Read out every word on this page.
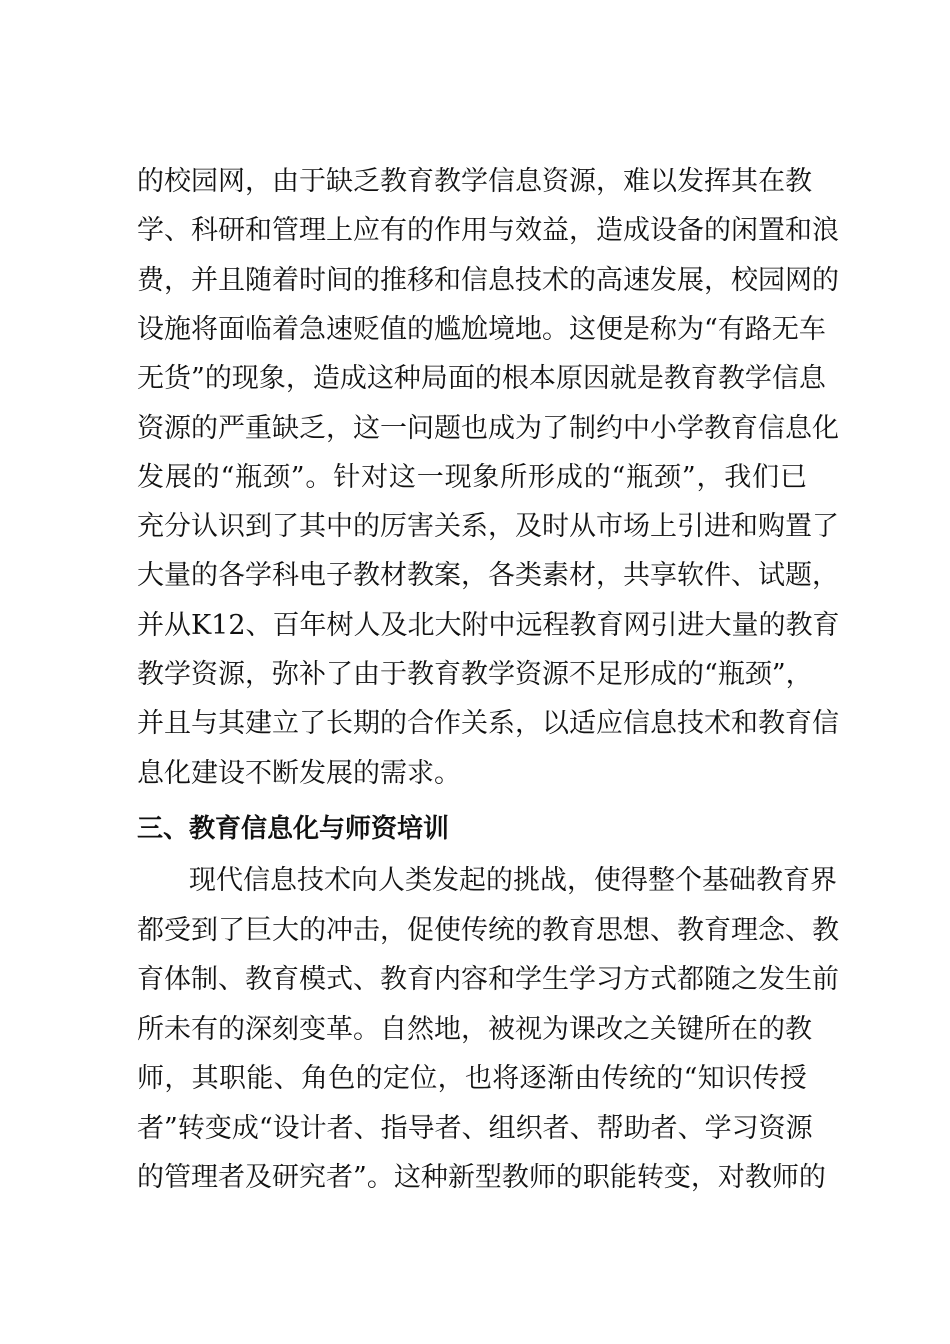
的 校 园 网 ， 由 于 缺 乏 教 育 教 学 信 息 资 源 ， 难 以 发 挥 其 在 教
学 、 科 研 和 管 理 上 应 有 的 作 用 与 效 益 ， 造 成 设 备 的 闲 置 和 浪
费 ， 并 且 随 着 时 间 的 推 移 和 信 息 技 术 的 高 速 发 展 ， 校 园 网 的
设 施 将 面 临 着 急 速 贬 值 的 尴 尬 境 地 。 这 便 是 称 为 “ 有 路 无 车
无 货 ” 的 现 象 ， 造 成 这 种 局 面 的 根 本 原 因 就 是 教 育 教 学 信 息
资 源 的 严 重 缺 乏 ， 这 一 问 题 也 成 为 了 制 约 中 小 学 教 育 信 息 化
发 展 的 “ 瓶 颈 ” 。 针 对 这 一 现 象 所 形 成 的 “ 瓶 颈 ” ， 我 们 已
充 分 认 识 到 了 其 中 的 厉 害 关 系 ， 及 时 从 市 场 上 引 进 和 购 置 了
大 量 的 各 学 科 电 子 教 材 教 案 ， 各 类 素 材 ， 共 享 软 件 、 试 题 ，
并 从 K12 、 百 年 树 人 及 北 大 附 中 远 程 教 育 网 引 进 大 量 的 教 育
教 学 资 源 ， 弥 补 了 由 于 教 育 教 学 资 源 不 足 形 成 的 “ 瓶 颈 ” ，
并 且 与 其 建 立 了 长 期 的 合 作 关 系 ， 以 适 应 信 息 技 术 和 教 育 信
息化建设不断发展的需求。
三、教育信息化与师资培训
现 代 信 息 技 术 向 人 类 发 起 的 挑 战 ， 使 得 整 个 基 础 教 育 界
都 受 到 了 巨 大 的 冲 击 ， 促 使 传 统 的 教 育 思 想 、 教 育 理 念 、 教
育 体 制 、 教 育 模 式 、 教 育 内 容 和 学 生 学 习 方 式 都 随 之 发 生 前
所 未 有 的 深 刻 变 革 。 自 然 地 ， 被 视 为 课 改 之 关 键 所 在 的 教
师 ， 其 职 能 、 角 色 的 定 位 ， 也 将 逐 渐 由 传 统 的 “ 知 识 传 授
者 ” 转 变 成 “ 设 计 者 、 指 导 者 、 组 织 者 、 帮 助 者 、 学 习 资 源
的 管 理 者 及 研 究 者 ” 。 这 种 新 型 教 师 的 职 能 转 变 ， 对 教 师 的
